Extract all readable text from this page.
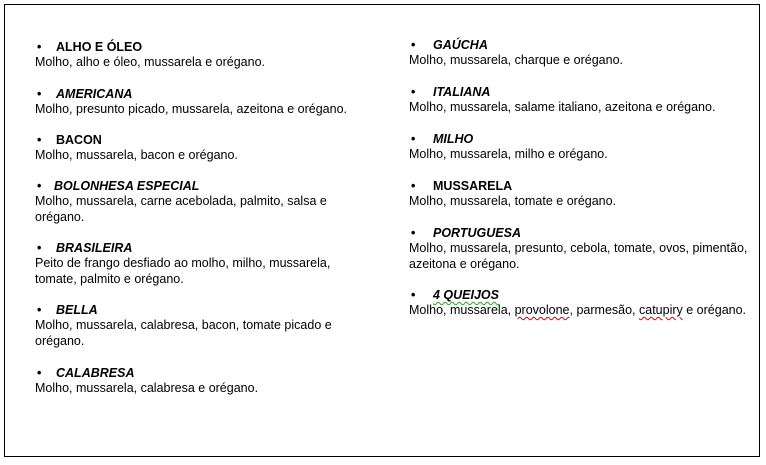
• ALHO E ÓLEO
Molho, alho e óleo, mussarela e orégano.
• AMERICANA
Molho, presunto picado, mussarela, azeitona e orégano.
• BACON
Molho, mussarela, bacon e orégano.
• BOLONHESA ESPECIAL
Molho, mussarela, carne acebolada, palmito, salsa e orégano.
• BRASILEIRA
Peito de frango desfiado ao molho, milho, mussarela, tomate, palmito e orégano.
• BELLA
Molho, mussarela, calabresa, bacon, tomate picado e orégano.
• CALABRESA
Molho, mussarela, calabresa e orégano.
• GAÚCHA
Molho, mussarela, charque e orégano.
• ITALIANA
Molho, mussarela, salame italiano, azeitona e orégano.
• MILHO
Molho, mussarela, milho e orégano.
• MUSSARELA
Molho, mussarela, tomate e orégano.
• PORTUGUESA
Molho, mussarela, presunto, cebola, tomate, ovos, pimentão, azeitona e orégano.
• 4 QUEIJOS
Molho, mussarela, provolone, parmesão, catupiry e orégano.
